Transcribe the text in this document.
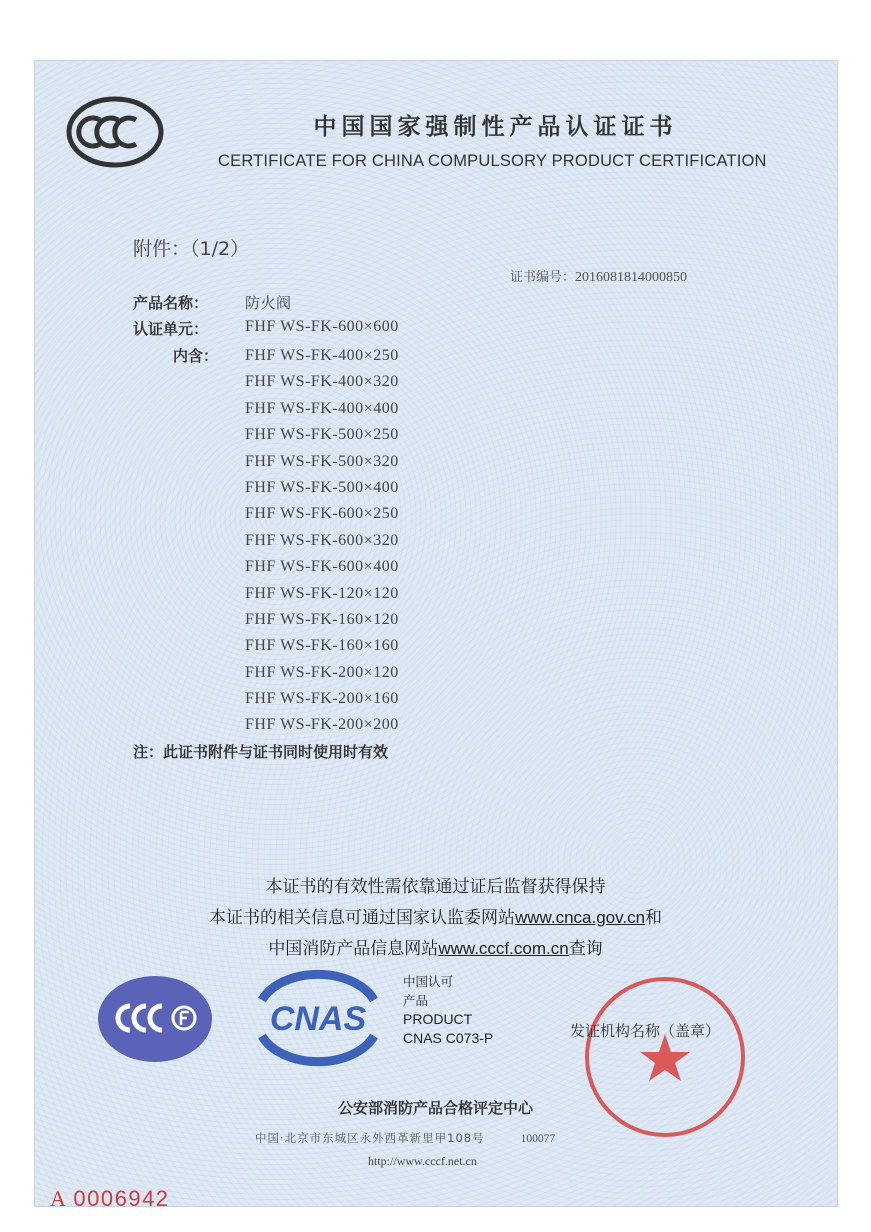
中国国家强制性产品认证证书
CERTIFICATE FOR CHINA COMPULSORY PRODUCT CERTIFICATION
附件：（1/2）
证书编号：2016081814000850
产品名称：	防火阀
认证单元：	FHF WS-FK-600×600
内含： FHF WS-FK-400×250
FHF WS-FK-400×320
FHF WS-FK-400×400
FHF WS-FK-500×250
FHF WS-FK-500×320
FHF WS-FK-500×400
FHF WS-FK-600×250
FHF WS-FK-600×320
FHF WS-FK-600×400
FHF WS-FK-120×120
FHF WS-FK-160×120
FHF WS-FK-160×160
FHF WS-FK-200×120
FHF WS-FK-200×160
FHF WS-FK-200×200
注：此证书附件与证书同时使用时有效
本证书的有效性需依靠通过证后监督获得保持
本证书的相关信息可通过国家认监委网站www.cnca.gov.cn和
中国消防产品信息网站www.cccf.com.cn查询
CNAS
中国认可
产品
PRODUCT
CNAS C073-P	发证机构名称（盖章）
公安部消防产品合格评定中心
中国·北京市东城区永外西革新里甲108号	100077
http://www.cccf.net.cn
A 0006942
